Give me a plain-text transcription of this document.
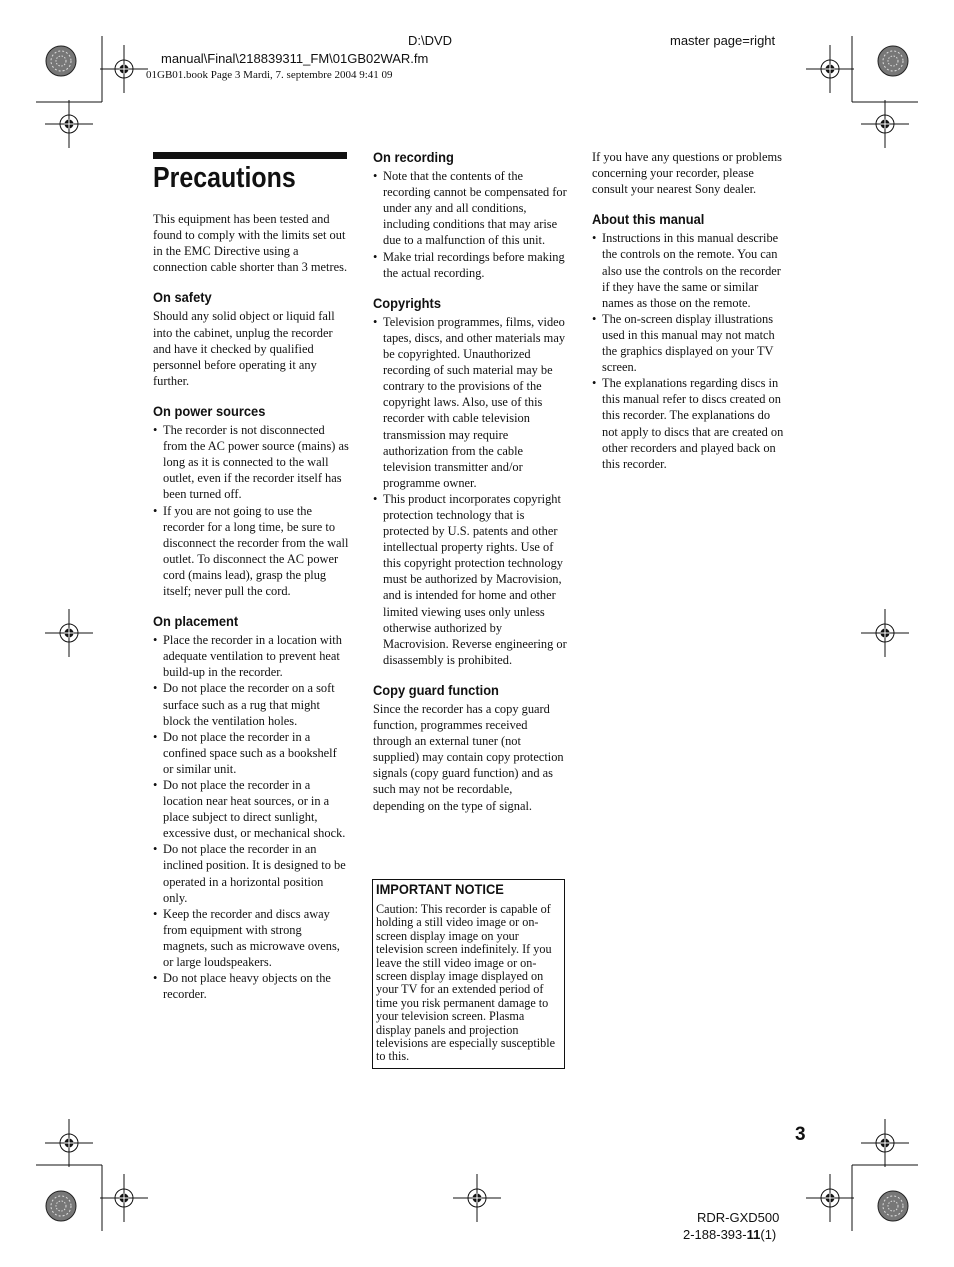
D:\DVD
manual\Final\218839311_FM\01GB02WAR.fm
master page=right
01GB01.book Page 3 Mardi, 7. septembre 2004 9:41 09
Precautions

This equipment has been tested and found to comply with the limits set out in the EMC Directive using a connection cable shorter than 3 metres.

On safety

Should any solid object or liquid fall into the cabinet, unplug the recorder and have it checked by qualified personnel before operating it any further.

On power sources
• The recorder is not disconnected from the AC power source (mains) as long as it is connected to the wall outlet, even if the recorder itself has been turned off.
• If you are not going to use the recorder for a long time, be sure to disconnect the recorder from the wall outlet. To disconnect the AC power cord (mains lead), grasp the plug itself; never pull the cord.
On placement
• Place the recorder in a location with adequate ventilation to prevent heat build-up in the recorder.
• Do not place the recorder on a soft surface such as a rug that might block the ventilation holes.
• Do not place the recorder in a confined space such as a bookshelf or similar unit.
• Do not place the recorder in a location near heat sources, or in a place subject to direct sunlight, excessive dust, or mechanical shock.
• Do not place the recorder in an inclined position. It is designed to be operated in a horizontal position only.
• Keep the recorder and discs away from equipment with strong magnets, such as microwave ovens, or large loudspeakers.
• Do not place heavy objects on the recorder.
On recording
• Note that the contents of the recording cannot be compensated for under any and all conditions, including conditions that may arise due to a malfunction of this unit.
• Make trial recordings before making the actual recording.
Copyrights
• Television programmes, films, video tapes, discs, and other materials may be copyrighted. Unauthorized recording of such material may be contrary to the provisions of the copyright laws. Also, use of this recorder with cable television transmission may require authorization from the cable television transmitter and/or programme owner.
• This product incorporates copyright protection technology that is protected by U.S. patents and other intellectual property rights. Use of this copyright protection technology must be authorized by Macrovision, and is intended for home and other limited viewing uses only unless otherwise authorized by Macrovision. Reverse engineering or disassembly is prohibited.
Copy guard function

Since the recorder has a copy guard function, programmes received through an external tuner (not supplied) may contain copy protection signals (copy guard function) and as such may not be recordable, depending on the type of signal.

IMPORTANT NOTICE

Caution: This recorder is capable of holding a still video image or on-screen display image on your television screen indefinitely. If you leave the still video image or on-screen display image displayed on your TV for an extended period of time you risk permanent damage to your television screen. Plasma display panels and projection televisions are especially susceptible to this.

If you have any questions or problems concerning your recorder, please consult your nearest Sony dealer.

About this manual
• Instructions in this manual describe the controls on the remote. You can also use the controls on the recorder if they have the same or similar names as those on the remote.
• The on-screen display illustrations used in this manual may not match the graphics displayed on your TV screen.
• The explanations regarding discs in this manual refer to discs created on this recorder. The explanations do not apply to discs that are created on other recorders and played back on this recorder.
3
RDR-GXD500
2-188-393-11(1)
